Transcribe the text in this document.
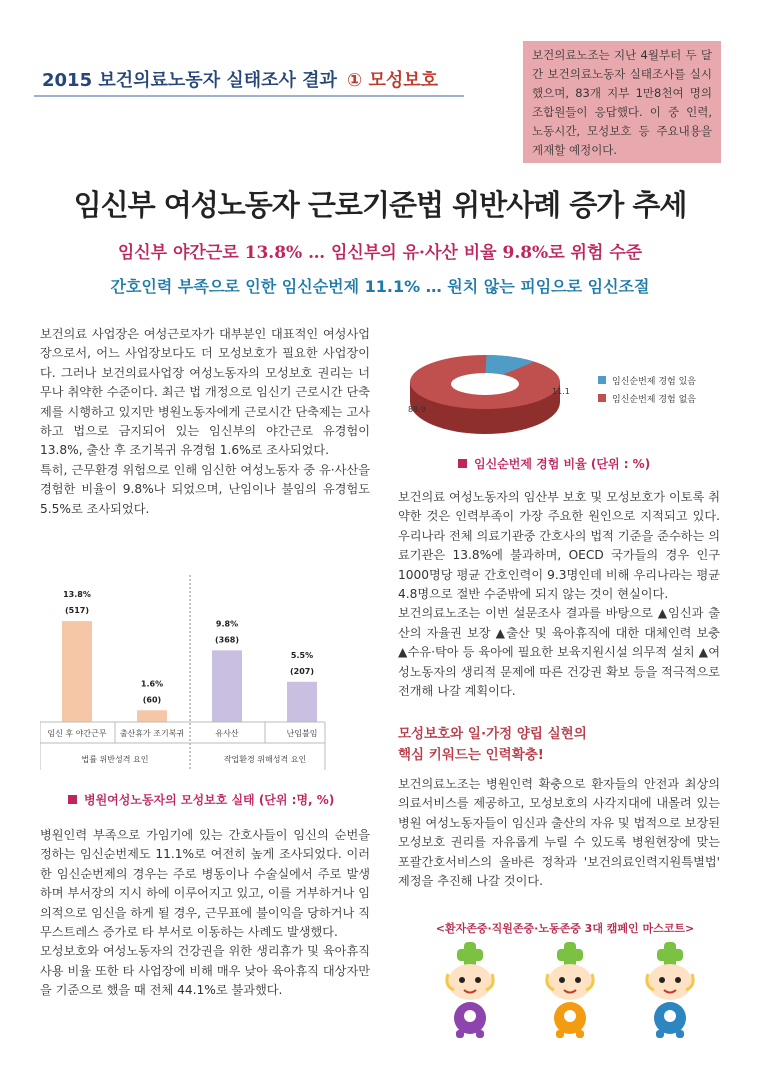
2015 보건의료노동자 실태조사 결과 ① 모성보호
보건의료노조는 지난 4월부터 두 달간 보건의료노동자 실태조사를 실시했으며, 83개 지부 1만8천여 명의 조합원들이 응답했다. 이 중 인력, 노동시간, 모성보호 등 주요내용을 게재할 예정이다.
임신부 여성노동자 근로기준법 위반사례 증가 추세
임신부 야간근로 13.8% … 임신부의 유·사산 비율 9.8%로 위험 수준
간호인력 부족으로 인한 임신순번제 11.1% … 원치 않는 피임으로 임신조절

보건의료 사업장은 여성근로자가 대부분인 대표적인 여성사업장으로서, 어느 사업장보다도 더 모성보호가 필요한 사업장이다. 그러나 보건의료사업장 여성노동자의 모성보호 권리는 너무나 취약한 수준이다. 최근 법 개정으로 임신기 근로시간 단축제를 시행하고 있지만 병원노동자에게 근로시간 단축제는 고사하고 법으로 금지되어 있는 임신부의 야간근로 유경험이 13.8%, 출산 후 조기복귀 유경험 1.6%로 조사되었다.

특히, 근무환경 위험으로 인해 임신한 여성노동자 중 유·사산을 경험한 비율이 9.8%나 되었으며, 난임이나 불임의 유경험도 5.5%로 조사되었다.

13.8%
(517)
1.6%
(60)
9.8%
(368)
5.5%
(207)
임신 후 야간근무 출산휴가 조기복귀	유사산	난임불임
법률 위반성격 요인	작업환경 위해성격 요인
병원여성노동자의 모성보호 실태 (단위 :명, %)

병원인력 부족으로 가임기에 있는 간호사들이 임신의 순번을 정하는 임신순번제도 11.1%로 여전히 높게 조사되었다. 이러한 임신순번제의 경우는 주로 병동이나 수술실에서 주로 발생하며 부서장의 지시 하에 이루어지고 있고, 이를 거부하거나 임의적으로 임신을 하게 될 경우, 근무표에 불이익을 당하거나 직무스트레스 증가로 타 부서로 이동하는 사례도 발생했다.

모성보호와 여성노동자의 건강권을 위한 생리휴가 및 육아휴직 사용 비율 또한 타 사업장에 비해 매우 낮아 육아휴직 대상자만을 기준으로 했을 때 전체 44.1%로 불과했다.

11.1
88.9
임신순번제 경험 있음
임신순번제 경험 없음
임신순번제 경험 비율 (단위 : %)

보건의료 여성노동자의 임산부 보호 및 모성보호가 이토록 취약한 것은 인력부족이 가장 주요한 원인으로 지적되고 있다. 우리나라 전체 의료기관중 간호사의 법적 기준을 준수하는 의료기관은 13.8%에 불과하며, OECD 국가들의 경우 인구 1000명당 평균 간호인력이 9.3명인데 비해 우리나라는 평균 4.8명으로 절반 수준밖에 되지 않는 것이 현실이다.

보건의료노조는 이번 설문조사 결과를 바탕으로 ▲임신과 출산의 자율권 보장 ▲출산 및 육아휴직에 대한 대체인력 보충 ▲수유·탁아 등 육아에 필요한 보육지원시설 의무적 설치 ▲여성노동자의 생리적 문제에 따른 건강권 확보 등을 적극적으로 전개해 나갈 계획이다.

모성보호와 일·가정 양립 실현의
핵심 키워드는 인력확충!

보건의료노조는 병원인력 확충으로 환자들의 안전과 최상의 의료서비스를 제공하고, 모성보호의 사각지대에 내몰려 있는 병원 여성노동자들이 임신과 출산의 자유 및 법적으로 보장된 모성보호 권리를 자유롭게 누릴 수 있도록 병원현장에 맞는 포괄간호서비스의 올바른 정착과 '보건의료인력지원특별법' 제정을 추진해 나갈 것이다.

<환자존중·직원존중·노동존중 3대 캠페인 마스코트>
